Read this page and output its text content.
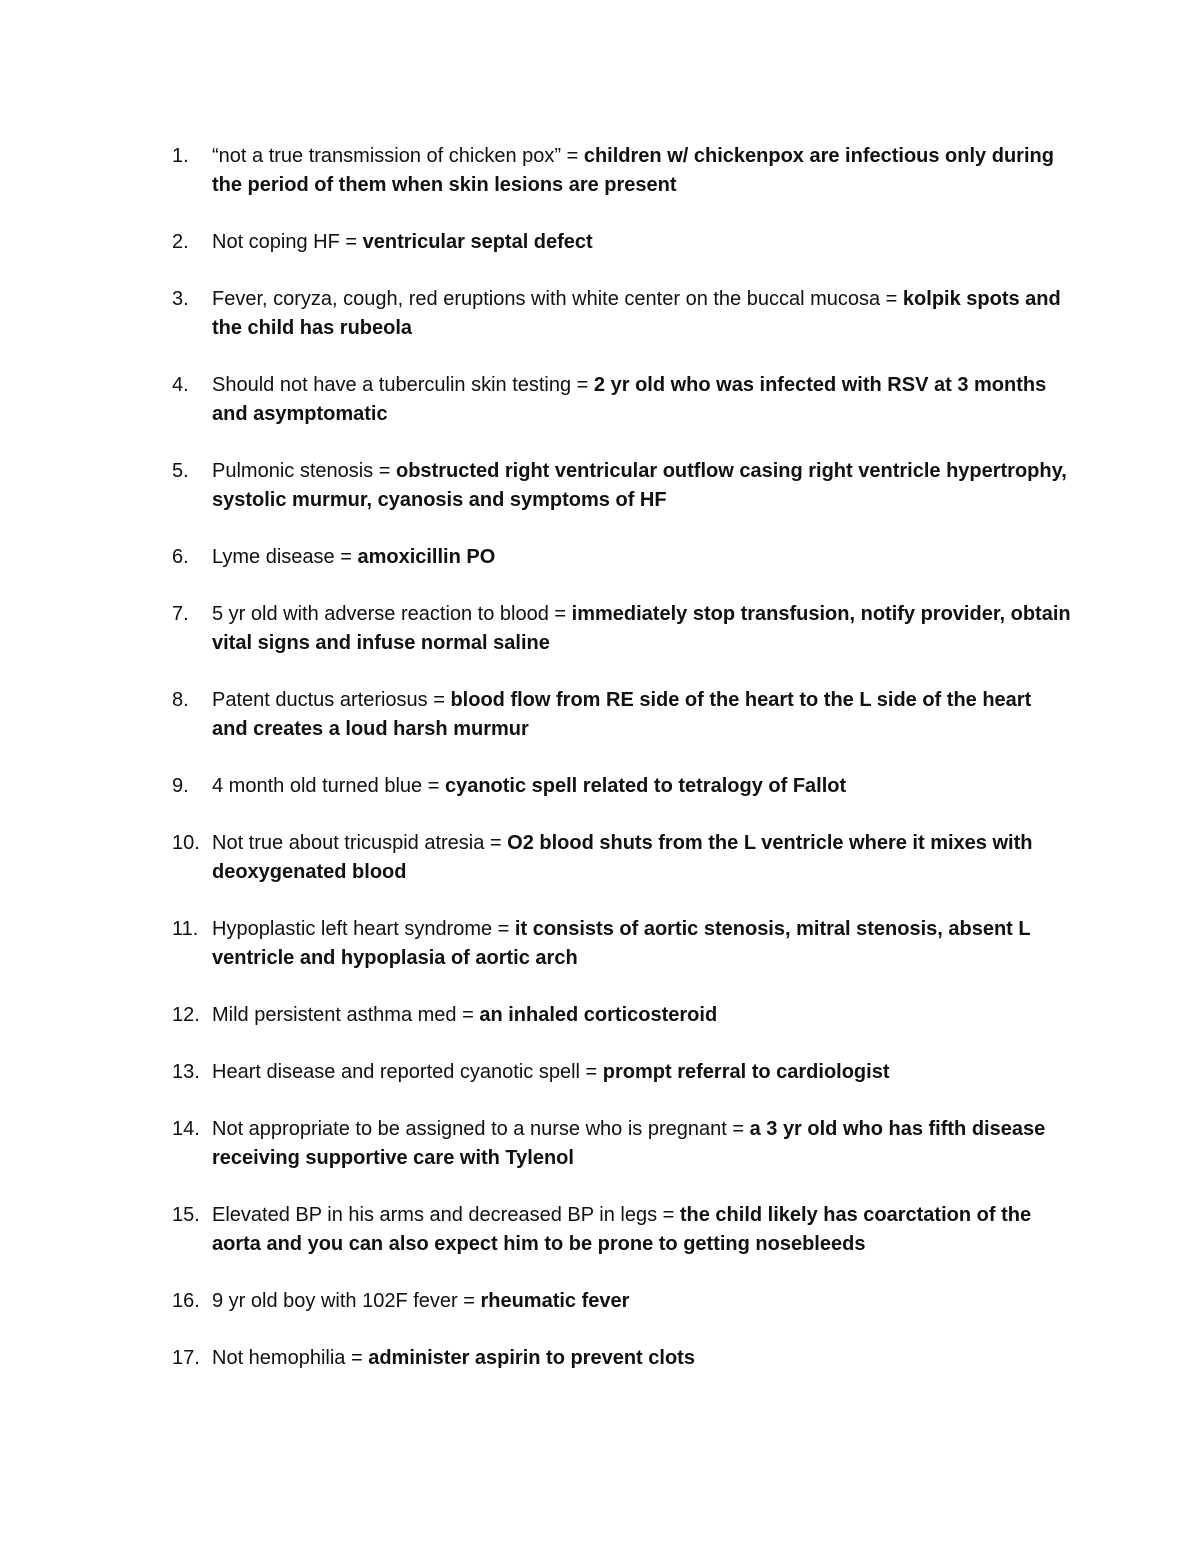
1.	“not a true transmission of chicken pox” = children w/ chickenpox are infectious only during the period of them when skin lesions are present
2.	Not coping HF = ventricular septal defect
3.	Fever, coryza, cough, red eruptions with white center on the buccal mucosa = kolpik spots and the child has rubeola
4.	Should not have a tuberculin skin testing = 2 yr old who was infected with RSV at 3 months and asymptomatic
5.	Pulmonic stenosis = obstructed right ventricular outflow casing right ventricle hypertrophy, systolic murmur, cyanosis and symptoms of HF
6.	Lyme disease = amoxicillin PO
7.	5 yr old with adverse reaction to blood = immediately stop transfusion, notify provider, obtain vital signs and infuse normal saline
8.	Patent ductus arteriosus = blood flow from RE side of the heart to the L side of the heart and creates a loud harsh murmur
9.	4 month old turned blue = cyanotic spell related to tetralogy of Fallot
10. Not true about tricuspid atresia = O2 blood shuts from the L ventricle where it mixes with deoxygenated blood
11. Hypoplastic left heart syndrome = it consists of aortic stenosis, mitral stenosis, absent L ventricle and hypoplasia of aortic arch
12. Mild persistent asthma med = an inhaled corticosteroid
13. Heart disease and reported cyanotic spell = prompt referral to cardiologist
14. Not appropriate to be assigned to a nurse who is pregnant = a 3 yr old who has fifth disease receiving supportive care with Tylenol
15. Elevated BP in his arms and decreased BP in legs = the child likely has coarctation of the aorta and you can also expect him to be prone to getting nosebleeds
16. 9 yr old boy with 102F fever = rheumatic fever
17. Not hemophilia = administer aspirin to prevent clots
